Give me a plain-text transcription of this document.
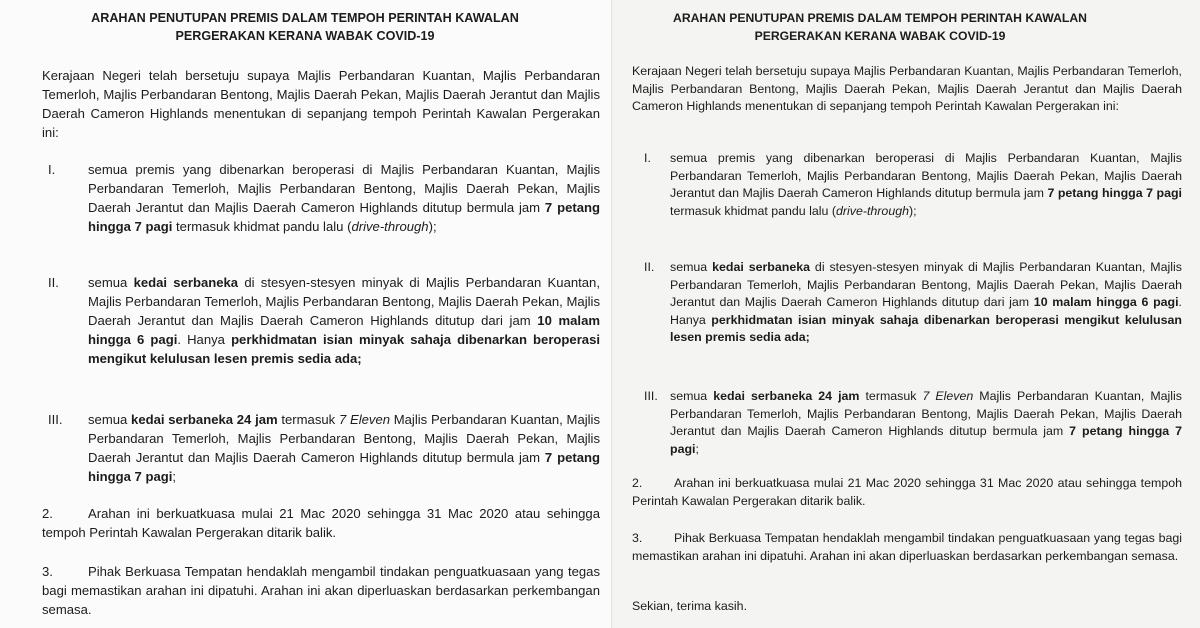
ARAHAN PENUTUPAN PREMIS DALAM TEMPOH PERINTAH KAWALAN
PERGERAKAN KERANA WABAK COVID-19
Kerajaan Negeri telah bersetuju supaya Majlis Perbandaran Kuantan, Majlis Perbandaran Temerloh, Majlis Perbandaran Bentong, Majlis Daerah Pekan, Majlis Daerah Jerantut dan Majlis Daerah Cameron Highlands menentukan di sepanjang tempoh Perintah Kawalan Pergerakan ini:
I. semua premis yang dibenarkan beroperasi di Majlis Perbandaran Kuantan, Majlis Perbandaran Temerloh, Majlis Perbandaran Bentong, Majlis Daerah Pekan, Majlis Daerah Jerantut dan Majlis Daerah Cameron Highlands ditutup bermula jam 7 petang hingga 7 pagi termasuk khidmat pandu lalu (drive-through);
II. semua kedai serbaneka di stesyen-stesyen minyak di Majlis Perbandaran Kuantan, Majlis Perbandaran Temerloh, Majlis Perbandaran Bentong, Majlis Daerah Pekan, Majlis Daerah Jerantut dan Majlis Daerah Cameron Highlands ditutup dari jam 10 malam hingga 6 pagi. Hanya perkhidmatan isian minyak sahaja dibenarkan beroperasi mengikut kelulusan lesen premis sedia ada;
III. semua kedai serbaneka 24 jam termasuk 7 Eleven Majlis Perbandaran Kuantan, Majlis Perbandaran Temerloh, Majlis Perbandaran Bentong, Majlis Daerah Pekan, Majlis Daerah Jerantut dan Majlis Daerah Cameron Highlands ditutup bermula jam 7 petang hingga 7 pagi;
2.	Arahan ini berkuatkuasa mulai 21 Mac 2020 sehingga 31 Mac 2020 atau sehingga tempoh Perintah Kawalan Pergerakan ditarik balik.
3.	Pihak Berkuasa Tempatan hendaklah mengambil tindakan penguatkuasaan yang tegas bagi memastikan arahan ini dipatuhi. Arahan ini akan diperluaskan berdasarkan perkembangan semasa.
ARAHAN PENUTUPAN PREMIS DALAM TEMPOH PERINTAH KAWALAN
PERGERAKAN KERANA WABAK COVID-19
Kerajaan Negeri telah bersetuju supaya Majlis Perbandaran Kuantan, Majlis Perbandaran Temerloh, Majlis Perbandaran Bentong, Majlis Daerah Pekan, Majlis Daerah Jerantut dan Majlis Daerah Cameron Highlands menentukan di sepanjang tempoh Perintah Kawalan Pergerakan ini:
I. semua premis yang dibenarkan beroperasi di Majlis Perbandaran Kuantan, Majlis Perbandaran Temerloh, Majlis Perbandaran Bentong, Majlis Daerah Pekan, Majlis Daerah Jerantut dan Majlis Daerah Cameron Highlands ditutup bermula jam 7 petang hingga 7 pagi termasuk khidmat pandu lalu (drive-through);
II. semua kedai serbaneka di stesyen-stesyen minyak di Majlis Perbandaran Kuantan, Majlis Perbandaran Temerloh, Majlis Perbandaran Bentong, Majlis Daerah Pekan, Majlis Daerah Jerantut dan Majlis Daerah Cameron Highlands ditutup dari jam 10 malam hingga 6 pagi. Hanya perkhidmatan isian minyak sahaja dibenarkan beroperasi mengikut kelulusan lesen premis sedia ada;
III. semua kedai serbaneka 24 jam termasuk 7 Eleven Majlis Perbandaran Kuantan, Majlis Perbandaran Temerloh, Majlis Perbandaran Bentong, Majlis Daerah Pekan, Majlis Daerah Jerantut dan Majlis Daerah Cameron Highlands ditutup bermula jam 7 petang hingga 7 pagi;
2.	Arahan ini berkuatkuasa mulai 21 Mac 2020 sehingga 31 Mac 2020 atau sehingga tempoh Perintah Kawalan Pergerakan ditarik balik.
3.	Pihak Berkuasa Tempatan hendaklah mengambil tindakan penguatkuasaan yang tegas bagi memastikan arahan ini dipatuhi. Arahan ini akan diperluaskan berdasarkan perkembangan semasa.
Sekian, terima kasih.
